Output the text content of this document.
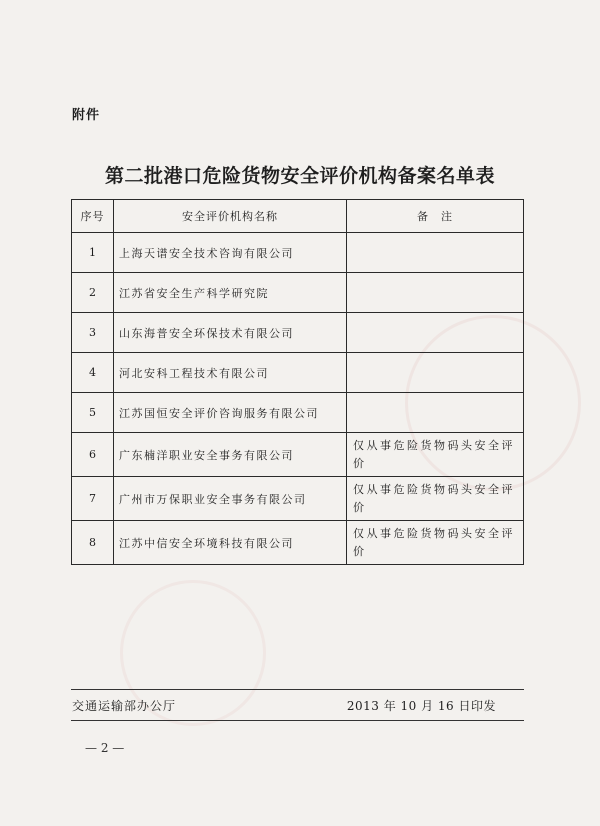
附件
第二批港口危险货物安全评价机构备案名单表
序号	安全评价机构名称	备　注
1	上海天谱安全技术咨询有限公司	
2	江苏省安全生产科学研究院	
3	山东海普安全环保技术有限公司	
4	河北安科工程技术有限公司	
5	江苏国恒安全评价咨询服务有限公司	
6	广东楠洋职业安全事务有限公司	仅从事危险货物码头安全评价
7	广州市万保职业安全事务有限公司	仅从事危险货物码头安全评价
8	江苏中信安全环境科技有限公司	仅从事危险货物码头安全评价
交通运输部办公厅	2013 年 10 月 16 日印发
— 2 —
